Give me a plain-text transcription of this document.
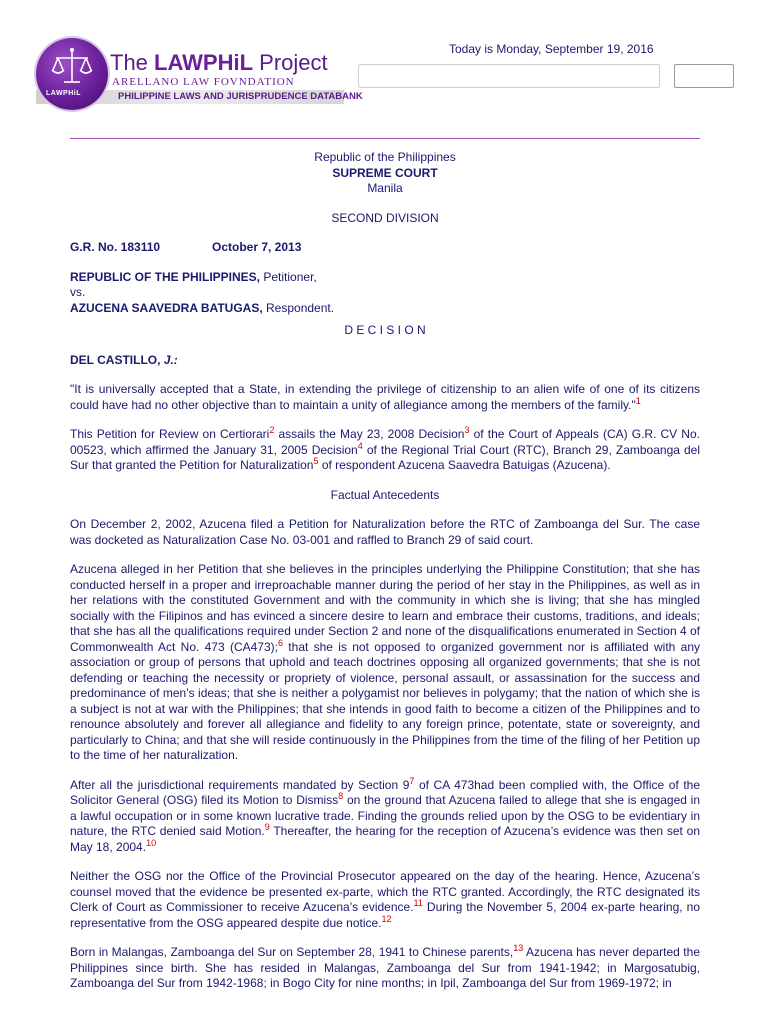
PHILIPPINE LAWS AND JURISPRUDENCE DATABANK
LAWPHiL
The LAWPHiL Project
ARELLANO LAW FOVNDATION
Today is Monday, September 19, 2016
Republic of the Philippines
SUPREME COURT
Manila
SECOND DIVISION
G.R. No. 183110	October 7, 2013
REPUBLIC OF THE PHILIPPINES, Petitioner,
vs.
AZUCENA SAAVEDRA BATUGAS, Respondent.
D E C I S I O N
DEL CASTILLO, J.:

"It is universally accepted that a State, in extending the privilege of citizenship to an alien wife of one of its citizens could have had no other objective than to maintain a unity of allegiance among the members of the family."$^1$

This Petition for Review on Certiorari$^2$ assails the May 23, 2008 Decision$^3$ of the Court of Appeals (CA) G.R. CV No. 00523, which affirmed the January 31, 2005 Decision$^4$ of the Regional Trial Court (RTC), Branch 29, Zamboanga del Sur that granted the Petition for Naturalization$^5$ of respondent Azucena Saavedra Batuigas (Azucena).

Factual Antecedents

On December 2, 2002, Azucena filed a Petition for Naturalization before the RTC of Zamboanga del Sur. The case was docketed as Naturalization Case No. 03-001 and raffled to Branch 29 of said court.

Azucena alleged in her Petition that she believes in the principles underlying the Philippine Constitution; that she has conducted herself in a proper and irreproachable manner during the period of her stay in the Philippines, as well as in her relations with the constituted Government and with the community in which she is living; that she has mingled socially with the Filipinos and has evinced a sincere desire to learn and embrace their customs, traditions, and ideals; that she has all the qualifications required under Section 2 and none of the disqualifications enumerated in Section 4 of Commonwealth Act No. 473 (CA473);$^6$ that she is not opposed to organized government nor is affiliated with any association or group of persons that uphold and teach doctrines opposing all organized governments; that she is not defending or teaching the necessity or propriety of violence, personal assault, or assassination for the success and predominance of men’s ideas; that she is neither a polygamist nor believes in polygamy; that the nation of which she is a subject is not at war with the Philippines; that she intends in good faith to become a citizen of the Philippines and to renounce absolutely and forever all allegiance and fidelity to any foreign prince, potentate, state or sovereignty, and particularly to China; and that she will reside continuously in the Philippines from the time of the filing of her Petition up to the time of her naturalization.

After all the jurisdictional requirements mandated by Section $9^7$ of CA 473had been complied with, the Office of the Solicitor General (OSG) filed its Motion to Dismiss$^8$ on the ground that Azucena failed to allege that she is engaged in a lawful occupation or in some known lucrative trade. Finding the grounds relied upon by the OSG to be evidentiary in nature, the RTC denied said Motion.$^9$ Thereafter, the hearing for the reception of Azucena’s evidence was then set on May 18, 2004.10

Neither the OSG nor the Office of the Provincial Prosecutor appeared on the day of the hearing. Hence, Azucena’s counsel moved that the evidence be presented ex-parte, which the RTC granted. Accordingly, the RTC designated its Clerk of Court as Commissioner to receive Azucena’s evidence.$^{11}$ During the November 5, 2004 ex-parte hearing, no representative from the OSG appeared despite due notice.$^{12}$

Born in Malangas, Zamboanga del Sur on September 28, 1941 to Chinese parents,$^{13}$ Azucena has never departed the Philippines since birth. She has resided in Malangas, Zamboanga del Sur from 1941-1942; in Margosatubig, Zamboanga del Sur from 1942-1968; in Bogo City for nine months; in Ipil, Zamboanga del Sur from 1969-1972; in
